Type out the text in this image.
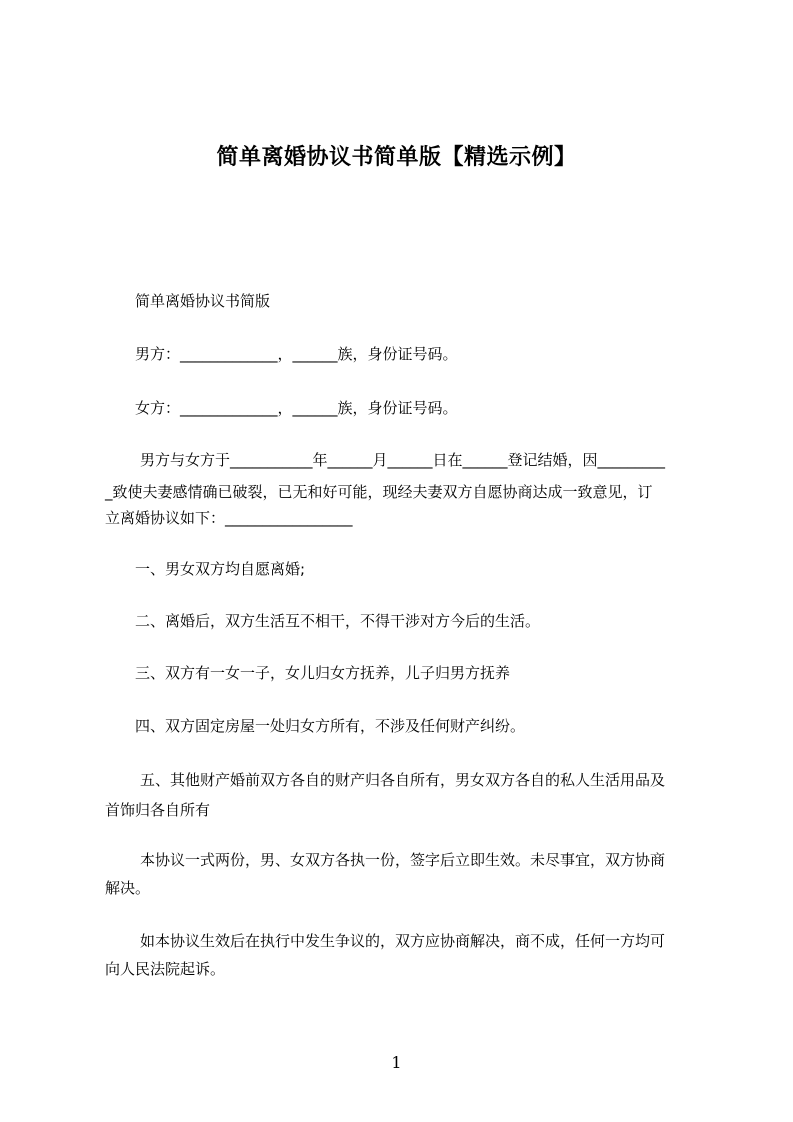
简单离婚协议书简单版【精选示例】
简单离婚协议书简版
男方：_____________，______族，身份证号码。
女方：_____________，______族，身份证号码。
男方与女方于___________年______月______日在______登记结婚，因_________
_致使夫妻感情确已破裂，已无和好可能，现经夫妻双方自愿协商达成一致意见，订
立离婚协议如下：_________________
一、男女双方均自愿离婚;
二、离婚后，双方生活互不相干，不得干涉对方今后的生活。
三、双方有一女一子，女儿归女方抚养，儿子归男方抚养
四、双方固定房屋一处归女方所有，不涉及任何财产纠纷。
五、其他财产婚前双方各自的财产归各自所有，男女双方各自的私人生活用品及
首饰归各自所有
本协议一式两份，男、女双方各执一份，签字后立即生效。未尽事宜，双方协商
解决。
如本协议生效后在执行中发生争议的，双方应协商解决，商不成，任何一方均可
向人民法院起诉。
1
